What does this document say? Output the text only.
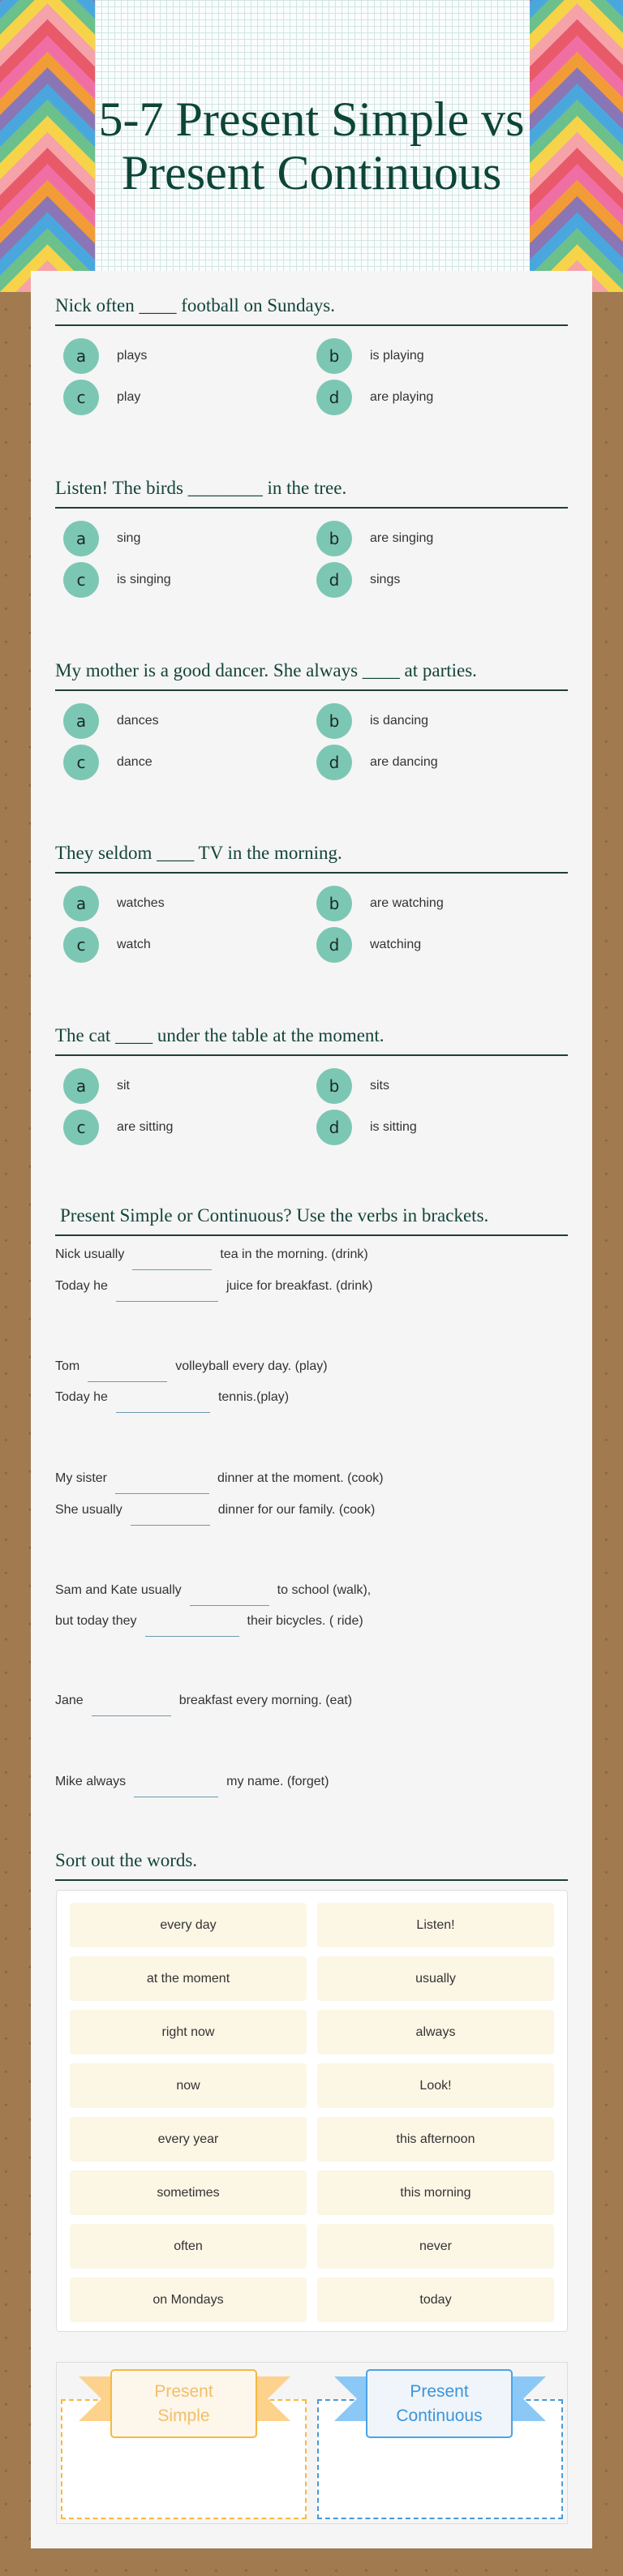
5-7 Present Simple vs
Present Continuous
Nick often ____ football on Sundays.
a	plays	b	is playing
c	play	d	are playing
Listen! The birds ________ in the tree.
a	sing	b	are singing
c	is singing	d	sings
My mother is a good dancer. She always ____ at parties.
a	dances	b	is dancing
c	dance	d	are dancing
They seldom ____ TV in the morning.
a	watches	b	are watching
c	watch	d	watching
The cat ____ under the table at the moment.
a	sit	b	sits
c	are sitting	d	is sitting
Present Simple or Continuous? Use the verbs in brackets.
Nick usually	tea in the morning. (drink)
Today he	juice for breakfast. (drink)
Tom	volleyball every day. (play)
Today he	tennis.(play)
My sister	dinner at the moment. (cook)
She usually	dinner for our family. (cook)
Sam and Kate usually	to school (walk),
but today they	their bicycles. ( ride)
Jane	breakfast every morning. (eat)
Mike always	my name. (forget)
Sort out the words.
every day	Listen!
at the moment	usually
right now	always
now	Look!
every year	this afternoon
sometimes	this morning
often	never
on Mondays	today
Present
Simple
Present
Continuous
